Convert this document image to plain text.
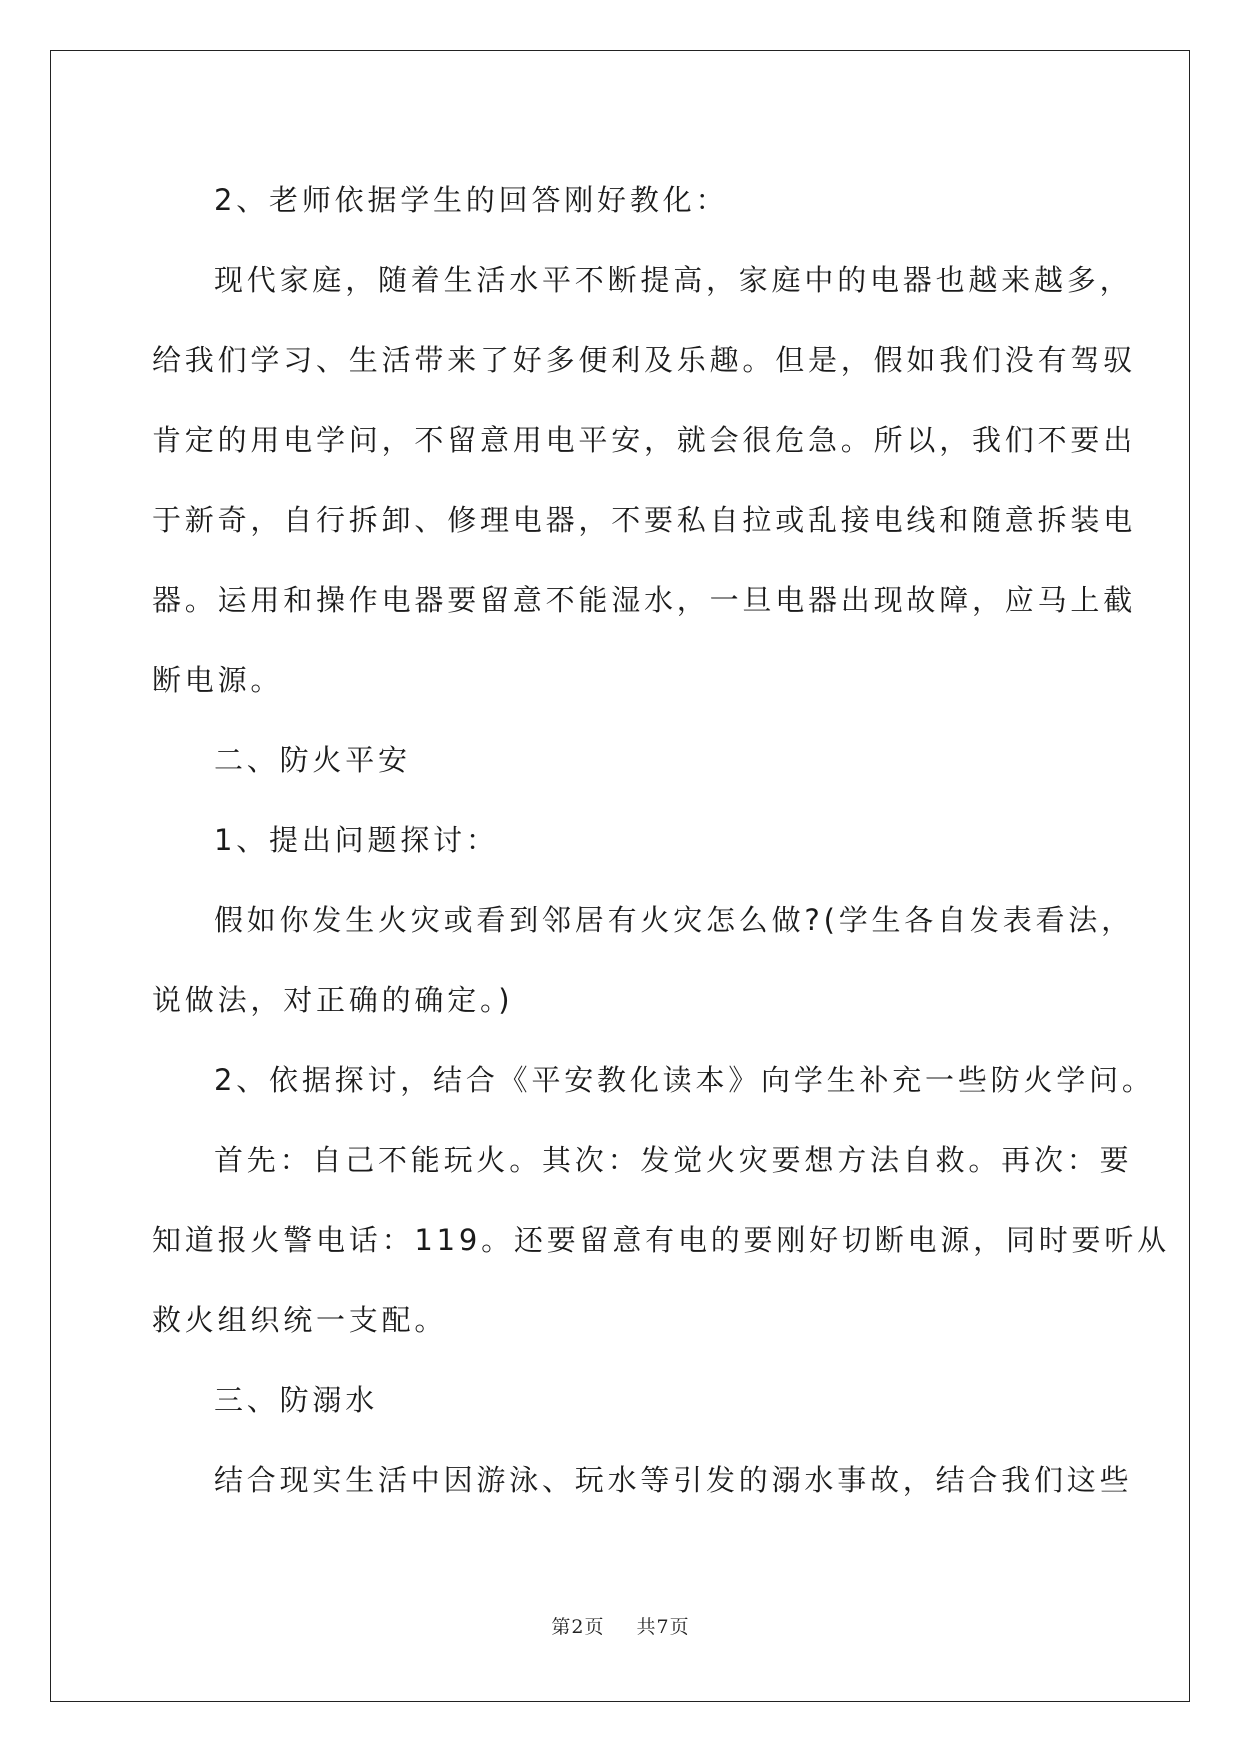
2、老师依据学生的回答刚好教化：

现代家庭，随着生活水平不断提高，家庭中的电器也越来越多，
给我们学习、生活带来了好多便利及乐趣。但是，假如我们没有驾驭
肯定的用电学问，不留意用电平安，就会很危急。所以，我们不要出
于新奇，自行拆卸、修理电器，不要私自拉或乱接电线和随意拆装电
器。运用和操作电器要留意不能湿水，一旦电器出现故障，应马上截
断电源。

二、防火平安

1、提出问题探讨：

假如你发生火灾或看到邻居有火灾怎么做?(学生各自发表看法，
说做法，对正确的确定。)

2、依据探讨，结合《平安教化读本》向学生补充一些防火学问。

首先：自己不能玩火。其次：发觉火灾要想方法自救。再次：要
知道报火警电话：119。还要留意有电的要刚好切断电源，同时要听从
救火组织统一支配。

三、防溺水

结合现实生活中因游泳、玩水等引发的溺水事故，结合我们这些

第2页 共7页
